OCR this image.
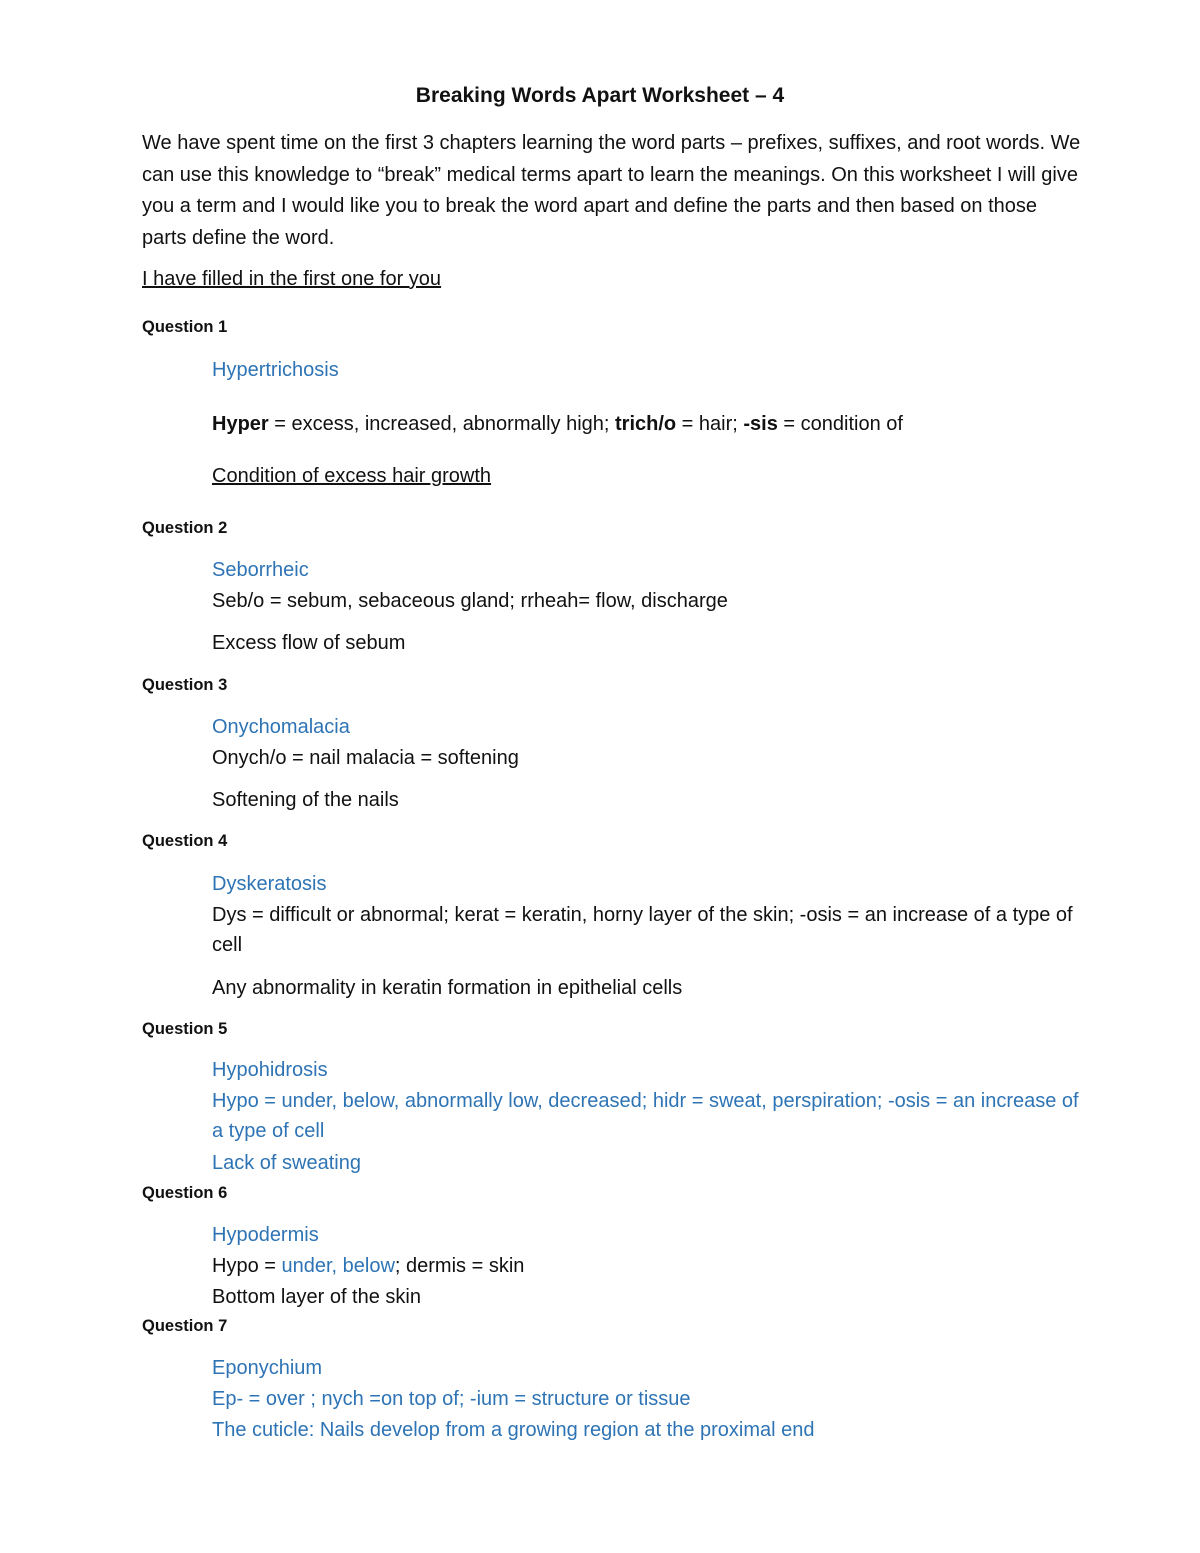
Breaking Words Apart Worksheet – 4

We have spent time on the first 3 chapters learning the word parts – prefixes, suffixes, and root words. We can use this knowledge to “break” medical terms apart to learn the meanings. On this worksheet I will give you a term and I would like you to break the word apart and define the parts and then based on those parts define the word.

I have filled in the first one for you
Question 1
Hypertrichosis
Hyper = excess, increased, abnormally high; trich/o = hair; -sis = condition of
Condition of excess hair growth
Question 2
Seborrheic
Seb/o = sebum, sebaceous gland; rrheah= flow, discharge
Excess flow of sebum
Question 3
Onychomalacia
Onych/o = nail malacia = softening
Softening of the nails
Question 4
Dyskeratosis
Dys = difficult or abnormal; kerat = keratin, horny layer of the skin; -osis = an increase of a type of cell
Any abnormality in keratin formation in epithelial cells
Question 5
Hypohidrosis
Hypo = under, below, abnormally low, decreased; hidr = sweat, perspiration; -osis = an increase of a type of cell
Lack of sweating
Question 6
Hypodermis
Hypo = under, below; dermis = skin
Bottom layer of the skin
Question 7
Eponychium
Ep- = over ; nych =on top of; -ium = structure or tissue
The cuticle: Nails develop from a growing region at the proximal end
